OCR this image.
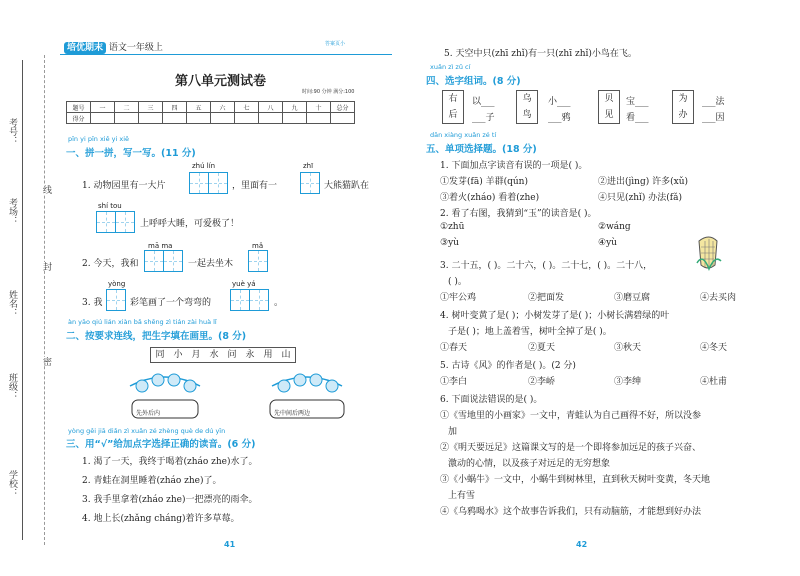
考号：
考场：
姓名：
班级：
学校：
线
封
密
培优期末 语文一年级上	答案页小
第八单元测试卷
时间:90 分钟 满分:100
题号	一	二	三	四	五	六	七	八	九	十	总分
得分											
pīn yi pīn xiě yi xiě
一、拼一拼，写一写。(11 分)
zhú lín	zhī
1. 动物园里有一大片	，里面有一	大熊猫趴在
shí tou
上呼呼大睡，可爱极了！
mā ma	mǎ
2. 今天，我和	一起去坐木
yòng	yuè yá
3. 我	彩笔画了一个弯弯的	。
àn yāo qiú lián xiàn bǎ shēng zì tián zài huà lǐ
二、按要求连线，把生字填在画里。(8 分)
同 小 月 水 问 永 用 山
先外后内	先中间后两边
yòng gěi jiā diǎn zì xuǎn zé zhèng què de dú yīn
三、用“√”给加点字选择正确的读音。(6 分)
1. 渴了一天，我终于喝着(zháo zhe)水了。
2. 青蛙在洞里睡着(zháo zhe)了。
3. 我手里拿着(zháo zhe)一把漂亮的雨伞。
4. 地上长(zhǎng cháng)着许多草莓。
41
5. 天空中只(zhī zhǐ)有一只(zhī zhǐ)小鸟在飞。
xuǎn zì zǔ cí
四、选字组词。(8 分)
右
后
以___
___子
乌
鸟
小___
___鸦
贝
见
宝___
看___
为
办
___法
___因
dān xiàng xuǎn zé tí
五、单项选择题。(18 分)
1. 下面加点字读音有误的一项是( )。
①发芽(fā) 羊群(qún)	②进出(jìng) 许多(xǔ)
③着火(zháo) 看着(zhe)	④只见(zhǐ) 办法(fǎ)
2. 看了右图，我猜到“玉”的读音是( )。
①zhū	②wáng
③yù	④yù
3. 二十五，( )。二十六，( )。二十七，( )。二十八，
( )。
①牢公鸡	②把面发	③磨豆腐	④去买肉
4. 树叶变黄了是( )；小树发芽了是( )；小树长满碧绿的叶
子是( )；地上盖着雪，树叶全掉了是( )。
①春天	②夏天	③秋天	④冬天
5. 古诗《风》的作者是( )。(2 分)
①李白	②李峤	③李绅	④杜甫
6. 下面说法错误的是( )。
①《雪地里的小画家》一文中，青蛙认为自己画得不好，所以没参
加
②《明天要远足》这篇课文写的是一个即将参加远足的孩子兴奋、
激动的心情，以及孩子对远足的无穷想象
③《小蜗牛》一文中，小蜗牛到树林里，直到秋天树叶变黄，冬天地
上有雪
④《乌鸦喝水》这个故事告诉我们，只有动脑筋，才能想到好办法
42
